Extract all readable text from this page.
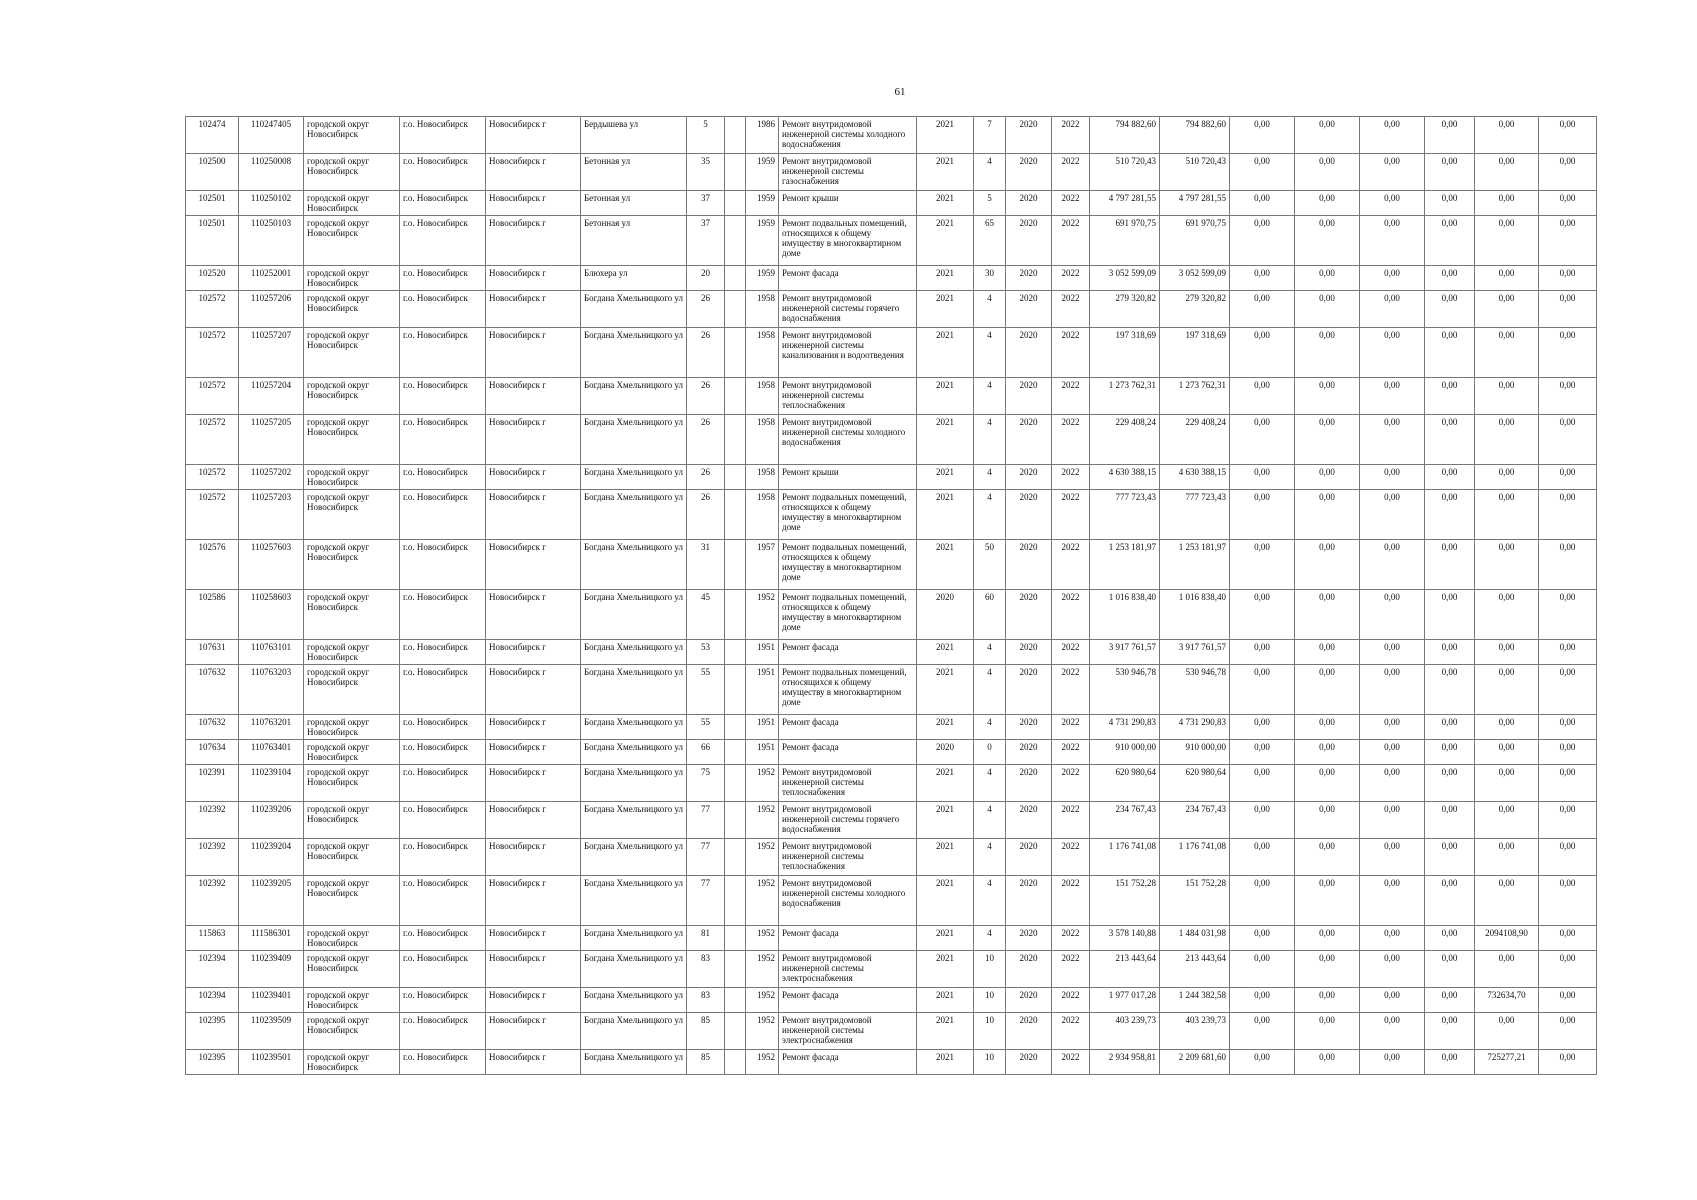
61
102474	110247405	городской округ Новосибирск	г.о. Новосибирск	Новосибирск г	Бердышева ул	5		1986	Ремонт внутридомовой инженерной системы холодного водоснабжения	2021	7	2020	2022	794 882,60	794 882,60	0,00	0,00	0,00	0,00	0,00	0,00
102500	110250008	городской округ Новосибирск	г.о. Новосибирск	Новосибирск г	Бетонная ул	35		1959	Ремонт внутридомовой инженерной системы газоснабжения	2021	4	2020	2022	510 720,43	510 720,43	0,00	0,00	0,00	0,00	0,00	0,00
102501	110250102	городской округ Новосибирск	г.о. Новосибирск	Новосибирск г	Бетонная ул	37		1959	Ремонт крыши	2021	5	2020	2022	4 797 281,55	4 797 281,55	0,00	0,00	0,00	0,00	0,00	0,00
102501	110250103	городской округ Новосибирск	г.о. Новосибирск	Новосибирск г	Бетонная ул	37		1959	Ремонт подвальных помещений, относящихся к общему имуществу в многоквартирном доме	2021	65	2020	2022	691 970,75	691 970,75	0,00	0,00	0,00	0,00	0,00	0,00
102520	110252001	городской округ Новосибирск	г.о. Новосибирск	Новосибирск г	Блюхера ул	20		1959	Ремонт фасада	2021	30	2020	2022	3 052 599,09	3 052 599,09	0,00	0,00	0,00	0,00	0,00	0,00
102572	110257206	городской округ Новосибирск	г.о. Новосибирск	Новосибирск г	Богдана Хмельницкого ул	26		1958	Ремонт внутридомовой инженерной системы горячего водоснабжения	2021	4	2020	2022	279 320,82	279 320,82	0,00	0,00	0,00	0,00	0,00	0,00
102572	110257207	городской округ Новосибирск	г.о. Новосибирск	Новосибирск г	Богдана Хмельницкого ул	26		1958	Ремонт внутридомовой инженерной системы канализования и водоотведения	2021	4	2020	2022	197 318,69	197 318,69	0,00	0,00	0,00	0,00	0,00	0,00
102572	110257204	городской округ Новосибирск	г.о. Новосибирск	Новосибирск г	Богдана Хмельницкого ул	26		1958	Ремонт внутридомовой инженерной системы теплоснабжения	2021	4	2020	2022	1 273 762,31	1 273 762,31	0,00	0,00	0,00	0,00	0,00	0,00
102572	110257205	городской округ Новосибирск	г.о. Новосибирск	Новосибирск г	Богдана Хмельницкого ул	26		1958	Ремонт внутридомовой инженерной системы холодного водоснабжения	2021	4	2020	2022	229 408,24	229 408,24	0,00	0,00	0,00	0,00	0,00	0,00
102572	110257202	городской округ Новосибирск	г.о. Новосибирск	Новосибирск г	Богдана Хмельницкого ул	26		1958	Ремонт крыши	2021	4	2020	2022	4 630 388,15	4 630 388,15	0,00	0,00	0,00	0,00	0,00	0,00
102572	110257203	городской округ Новосибирск	г.о. Новосибирск	Новосибирск г	Богдана Хмельницкого ул	26		1958	Ремонт подвальных помещений, относящихся к общему имуществу в многоквартирном доме	2021	4	2020	2022	777 723,43	777 723,43	0,00	0,00	0,00	0,00	0,00	0,00
102576	110257603	городской округ Новосибирск	г.о. Новосибирск	Новосибирск г	Богдана Хмельницкого ул	31		1957	Ремонт подвальных помещений, относящихся к общему имуществу в многоквартирном доме	2021	50	2020	2022	1 253 181,97	1 253 181,97	0,00	0,00	0,00	0,00	0,00	0,00
102586	110258603	городской округ Новосибирск	г.о. Новосибирск	Новосибирск г	Богдана Хмельницкого ул	45		1952	Ремонт подвальных помещений, относящихся к общему имуществу в многоквартирном доме	2020	60	2020	2022	1 016 838,40	1 016 838,40	0,00	0,00	0,00	0,00	0,00	0,00
107631	110763101	городской округ Новосибирск	г.о. Новосибирск	Новосибирск г	Богдана Хмельницкого ул	53		1951	Ремонт фасада	2021	4	2020	2022	3 917 761,57	3 917 761,57	0,00	0,00	0,00	0,00	0,00	0,00
107632	110763203	городской округ Новосибирск	г.о. Новосибирск	Новосибирск г	Богдана Хмельницкого ул	55		1951	Ремонт подвальных помещений, относящихся к общему имуществу в многоквартирном доме	2021	4	2020	2022	530 946,78	530 946,78	0,00	0,00	0,00	0,00	0,00	0,00
107632	110763201	городской округ Новосибирск	г.о. Новосибирск	Новосибирск г	Богдана Хмельницкого ул	55		1951	Ремонт фасада	2021	4	2020	2022	4 731 290,83	4 731 290,83	0,00	0,00	0,00	0,00	0,00	0,00
107634	110763401	городской округ Новосибирск	г.о. Новосибирск	Новосибирск г	Богдана Хмельницкого ул	66		1951	Ремонт фасада	2020	0	2020	2022	910 000,00	910 000,00	0,00	0,00	0,00	0,00	0,00	0,00
102391	110239104	городской округ Новосибирск	г.о. Новосибирск	Новосибирск г	Богдана Хмельницкого ул	75		1952	Ремонт внутридомовой инженерной системы теплоснабжения	2021	4	2020	2022	620 980,64	620 980,64	0,00	0,00	0,00	0,00	0,00	0,00
102392	110239206	городской округ Новосибирск	г.о. Новосибирск	Новосибирск г	Богдана Хмельницкого ул	77		1952	Ремонт внутридомовой инженерной системы горячего водоснабжения	2021	4	2020	2022	234 767,43	234 767,43	0,00	0,00	0,00	0,00	0,00	0,00
102392	110239204	городской округ Новосибирск	г.о. Новосибирск	Новосибирск г	Богдана Хмельницкого ул	77		1952	Ремонт внутридомовой инженерной системы теплоснабжения	2021	4	2020	2022	1 176 741,08	1 176 741,08	0,00	0,00	0,00	0,00	0,00	0,00
102392	110239205	городской округ Новосибирск	г.о. Новосибирск	Новосибирск г	Богдана Хмельницкого ул	77		1952	Ремонт внутридомовой инженерной системы холодного водоснабжения	2021	4	2020	2022	151 752,28	151 752,28	0,00	0,00	0,00	0,00	0,00	0,00
115863	111586301	городской округ Новосибирск	г.о. Новосибирск	Новосибирск г	Богдана Хмельницкого ул	81		1952	Ремонт фасада	2021	4	2020	2022	3 578 140,88	1 484 031,98	0,00	0,00	0,00	0,00	2094108,90	0,00
102394	110239409	городской округ Новосибирск	г.о. Новосибирск	Новосибирск г	Богдана Хмельницкого ул	83		1952	Ремонт внутридомовой инженерной системы электроснабжения	2021	10	2020	2022	213 443,64	213 443,64	0,00	0,00	0,00	0,00	0,00	0,00
102394	110239401	городской округ Новосибирск	г.о. Новосибирск	Новосибирск г	Богдана Хмельницкого ул	83		1952	Ремонт фасада	2021	10	2020	2022	1 977 017,28	1 244 382,58	0,00	0,00	0,00	0,00	732634,70	0,00
102395	110239509	городской округ Новосибирск	г.о. Новосибирск	Новосибирск г	Богдана Хмельницкого ул	85		1952	Ремонт внутридомовой инженерной системы электроснабжения	2021	10	2020	2022	403 239,73	403 239,73	0,00	0,00	0,00	0,00	0,00	0,00
102395	110239501	городской округ Новосибирск	г.о. Новосибирск	Новосибирск г	Богдана Хмельницкого ул	85		1952	Ремонт фасада	2021	10	2020	2022	2 934 958,81	2 209 681,60	0,00	0,00	0,00	0,00	725277,21	0,00
